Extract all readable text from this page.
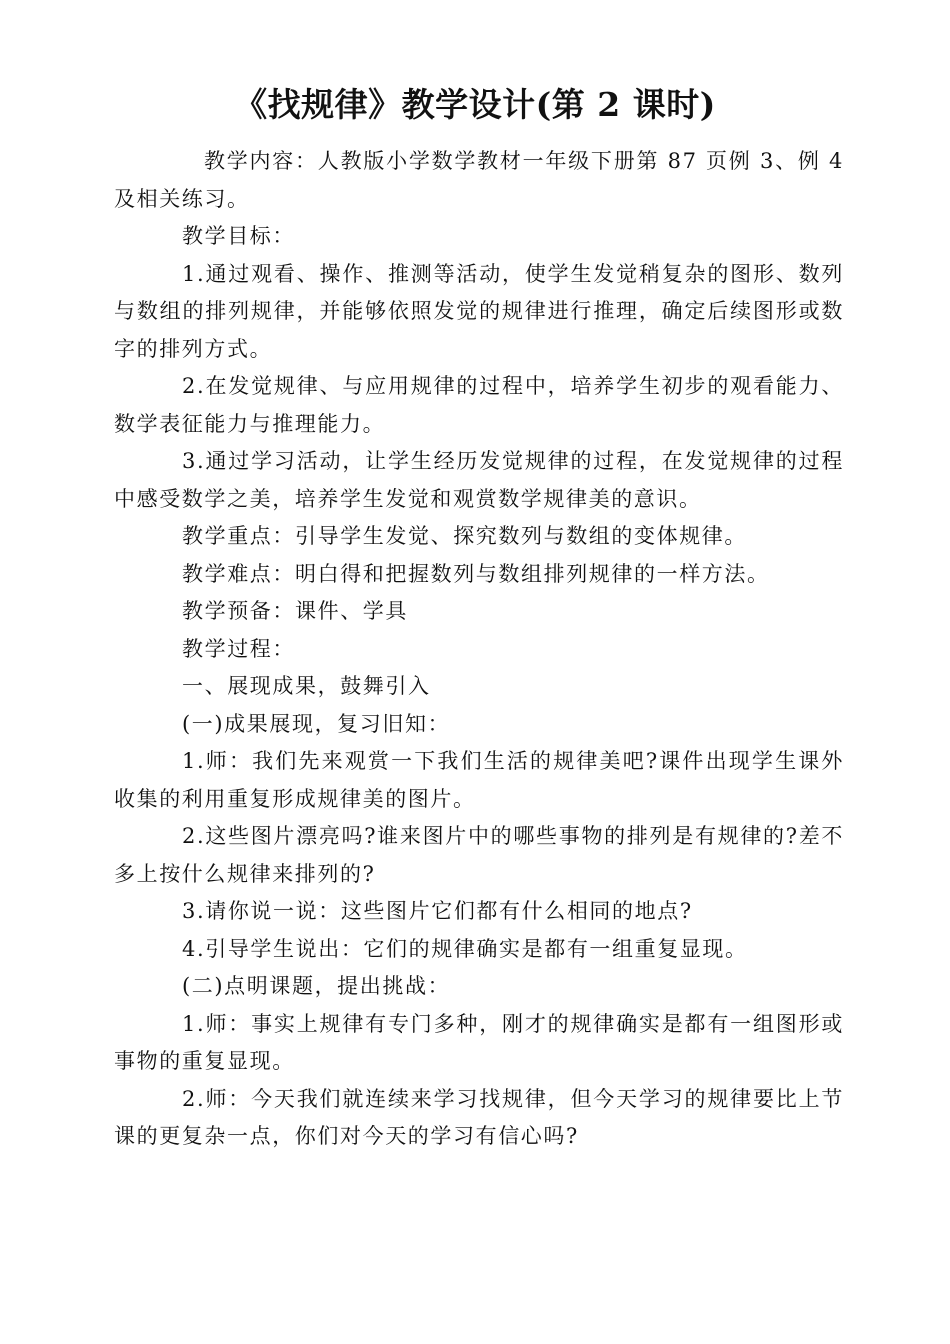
《找规律》教学设计(第 2 课时)

教学内容：人教版小学数学教材一年级下册第 87 页例 3、例 4 及相关练习。

教学目标：

1.通过观看、操作、推测等活动，使学生发觉稍复杂的图形、数列与数组的排列规律，并能够依照发觉的规律进行推理，确定后续图形或数字的排列方式。

2.在发觉规律、与应用规律的过程中，培养学生初步的观看能力、数学表征能力与推理能力。

3.通过学习活动，让学生经历发觉规律的过程，在发觉规律的过程中感受数学之美，培养学生发觉和观赏数学规律美的意识。

教学重点：引导学生发觉、探究数列与数组的变体规律。

教学难点：明白得和把握数列与数组排列规律的一样方法。

教学预备：课件、学具

教学过程：

一、展现成果，鼓舞引入

(一)成果展现，复习旧知：

1.师：我们先来观赏一下我们生活的规律美吧?课件出现学生课外收集的利用重复形成规律美的图片。

2.这些图片漂亮吗?谁来图片中的哪些事物的排列是有规律的?差不多上按什么规律来排列的?

3.请你说一说：这些图片它们都有什么相同的地点?

4.引导学生说出：它们的规律确实是都有一组重复显现。

(二)点明课题，提出挑战：

1.师：事实上规律有专门多种，刚才的规律确实是都有一组图形或事物的重复显现。

2.师：今天我们就连续来学习找规律，但今天学习的规律要比上节课的更复杂一点，你们对今天的学习有信心吗?
